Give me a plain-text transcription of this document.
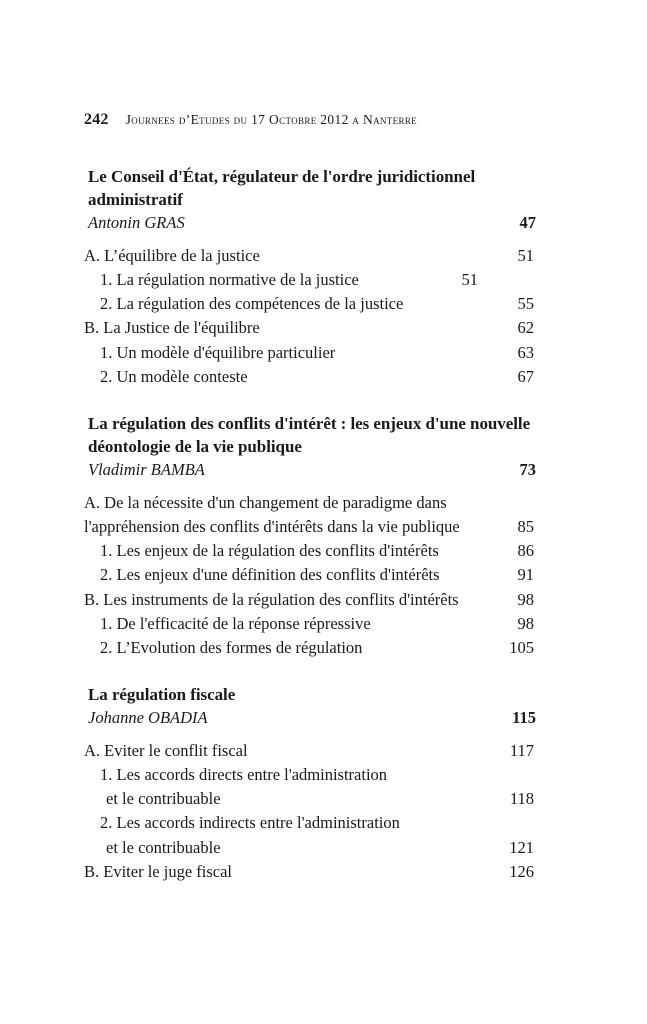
242 Journees d’Etudes du 17 Octobre 2012 a Nanterre
Le Conseil d'État, régulateur de l'ordre juridictionnel administratif
Antonin GRAS	47
A. L’équilibre de la justice	51
1. La régulation normative de la justice	51
2. La régulation des compétences de la justice	55
B. La Justice de l'équilibre	62
1. Un modèle d'équilibre particulier	63
2. Un modèle conteste	67
La régulation des conflits d'intérêt : les enjeux d'une nouvelle déontologie de la vie publique
Vladimir BAMBA	73
A. De la nécessite d'un changement de paradigme dans
l'appréhension des conflits d'intérêts dans la vie publique	85
1. Les enjeux de la régulation des conflits d'intérêts	86
2. Les enjeux d'une définition des conflits d'intérêts	91
B. Les instruments de la régulation des conflits d'intérêts	98
1. De l'efficacité de la réponse répressive	98
2. L’Evolution des formes de régulation	105
La régulation fiscale
Johanne OBADIA	115
A. Eviter le conflit fiscal	117
1. Les accords directs entre l'administration
et le contribuable	118
2. Les accords indirects entre l'administration
et le contribuable	121
B. Eviter le juge fiscal	126
